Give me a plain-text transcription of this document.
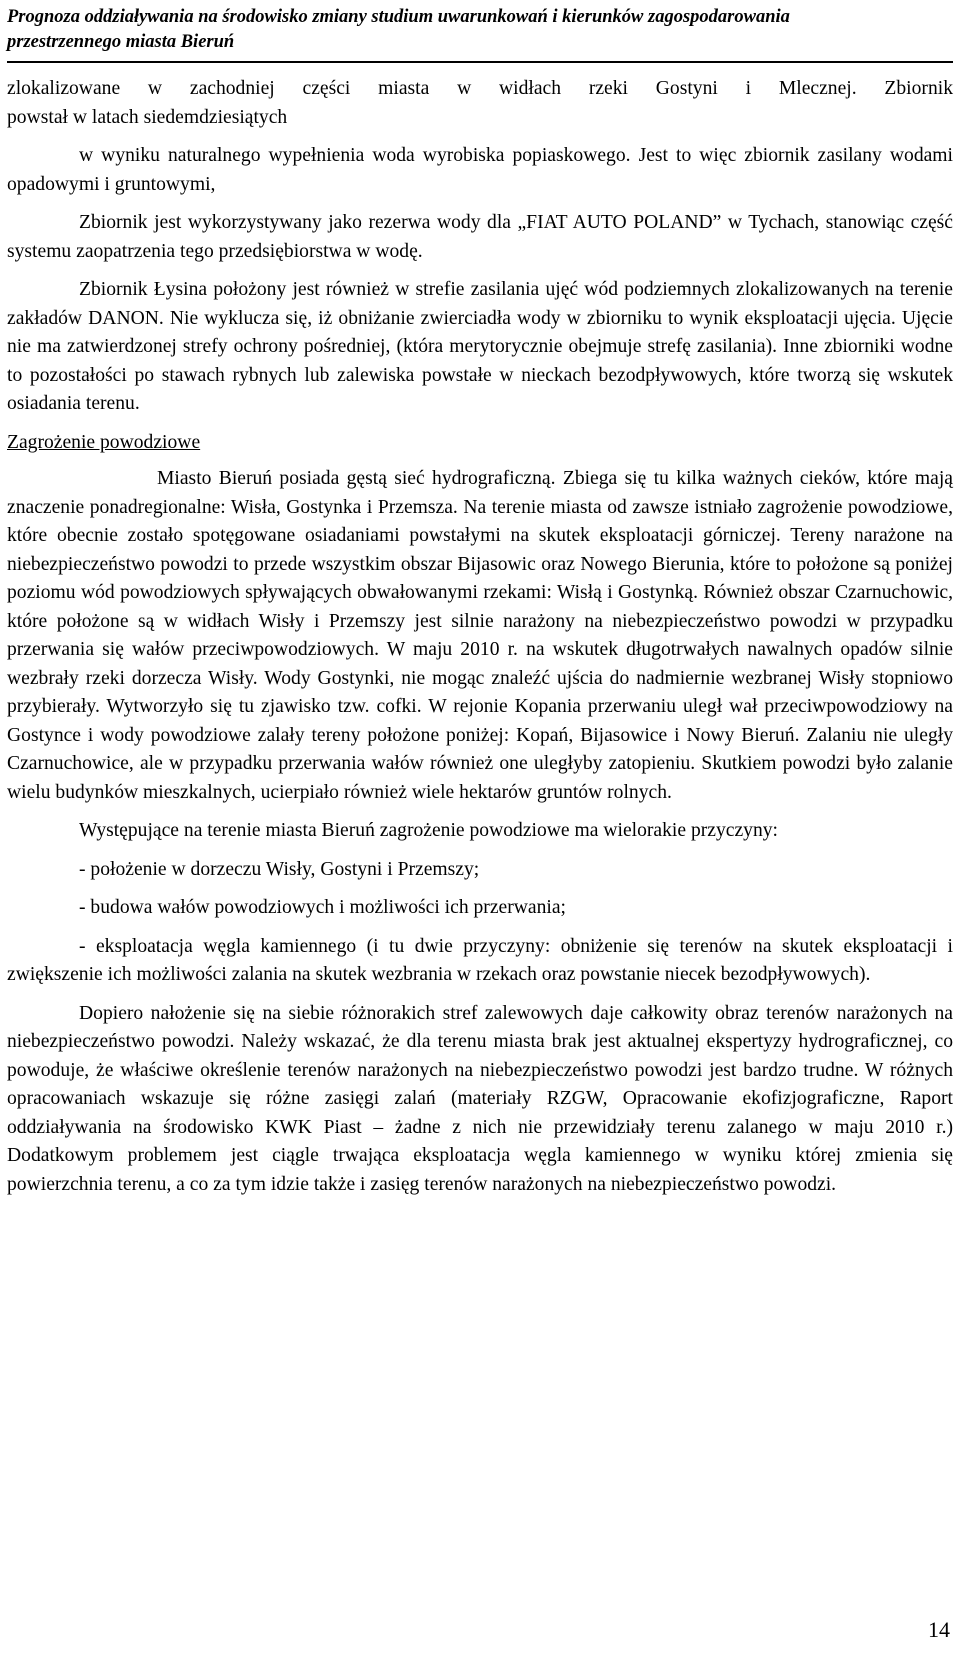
Prognoza oddziaływania na środowisko zmiany studium uwarunkowań i kierunków zagospodarowania
przestrzennego miasta Bieruń
zlokalizowane w zachodniej części miasta w widłach rzeki Gostyni i Mlecznej. Zbiornik

powstał w latach siedemdziesiątych

w wyniku naturalnego wypełnienia woda wyrobiska popiaskowego. Jest to więc zbiornik zasilany wodami opadowymi i gruntowymi,

Zbiornik jest wykorzystywany jako rezerwa wody dla „FIAT AUTO POLAND” w Tychach, stanowiąc część systemu zaopatrzenia tego przedsiębiorstwa w wodę.

Zbiornik Łysina położony jest również w strefie zasilania ujęć wód podziemnych zlokalizowanych na terenie zakładów DANON. Nie wyklucza się, iż obniżanie zwierciadła wody w zbiorniku to wynik eksploatacji ujęcia. Ujęcie nie ma zatwierdzonej strefy ochrony pośredniej, (która merytorycznie obejmuje strefę zasilania). Inne zbiorniki wodne to pozostałości po stawach rybnych lub zalewiska powstałe w nieckach bezodpływowych, które tworzą się wskutek osiadania terenu.

Zagrożenie powodziowe

Miasto Bieruń posiada gęstą sieć hydrograficzną. Zbiega się tu kilka ważnych cieków, które mają znaczenie ponadregionalne: Wisła, Gostynka i Przemsza. Na terenie miasta od zawsze istniało zagrożenie powodziowe, które obecnie zostało spotęgowane osiadaniami powstałymi na skutek eksploatacji górniczej. Tereny narażone na niebezpieczeństwo powodzi to przede wszystkim obszar Bijasowic oraz Nowego Bierunia, które to położone są poniżej poziomu wód powodziowych spływających obwałowanymi rzekami: Wisłą i Gostynką. Również obszar Czarnuchowic, które położone są w widłach Wisły i Przemszy jest silnie narażony na niebezpieczeństwo powodzi w przypadku przerwania się wałów przeciwpowodziowych. W maju 2010 r. na wskutek długotrwałych nawalnych opadów silnie wezbrały rzeki dorzecza Wisły. Wody Gostynki, nie mogąc znaleźć ujścia do nadmiernie wezbranej Wisły stopniowo przybierały. Wytworzyło się tu zjawisko tzw. cofki. W rejonie Kopania przerwaniu uległ wał przeciwpowodziowy na Gostynce i wody powodziowe zalały tereny położone poniżej: Kopań, Bijasowice i Nowy Bieruń. Zalaniu nie uległy Czarnuchowice, ale w przypadku przerwania wałów również one uległyby zatopieniu. Skutkiem powodzi było zalanie wielu budynków mieszkalnych, ucierpiało również wiele hektarów gruntów rolnych.

Występujące na terenie miasta Bieruń zagrożenie powodziowe ma wielorakie przyczyny:

- położenie w dorzeczu Wisły, Gostyni i Przemszy;

- budowa wałów powodziowych i możliwości ich przerwania;

- eksploatacja węgla kamiennego (i tu dwie przyczyny: obniżenie się terenów na skutek eksploatacji i zwiększenie ich możliwości zalania na skutek wezbrania w rzekach oraz powstanie niecek bezodpływowych).

Dopiero nałożenie się na siebie różnorakich stref zalewowych daje całkowity obraz terenów narażonych na niebezpieczeństwo powodzi. Należy wskazać, że dla terenu miasta brak jest aktualnej ekspertyzy hydrograficznej, co powoduje, że właściwe określenie terenów narażonych na niebezpieczeństwo powodzi jest bardzo trudne. W różnych opracowaniach wskazuje się różne zasięgi zalań (materiały RZGW, Opracowanie ekofizjograficzne, Raport oddziaływania na środowisko KWK Piast – żadne z nich nie przewidziały terenu zalanego w maju 2010 r.) Dodatkowym problemem jest ciągle trwająca eksploatacja węgla kamiennego w wyniku której zmienia się powierzchnia terenu, a co za tym idzie także i zasięg terenów narażonych na niebezpieczeństwo powodzi.

14
